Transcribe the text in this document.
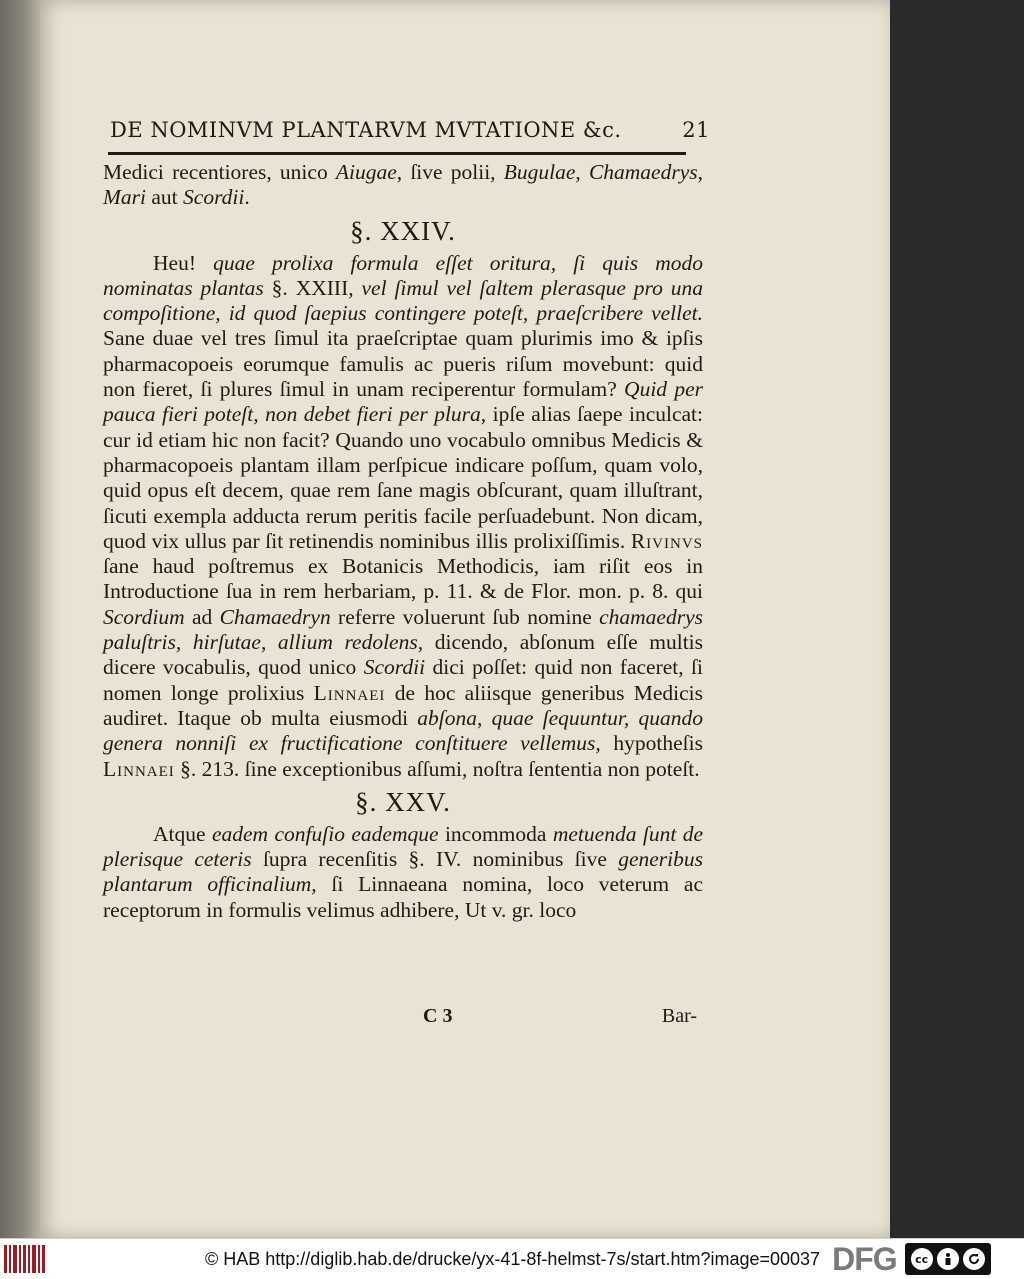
DE NOMINVM PLANTARVM MVTATIONE &c.	21

Medici recentiores, unico Aiugae, ſive polii, Bugulae, Chamaedrys, Mari aut Scordii.

§. XXIV.

Heu! quae prolixa formula eſſet oritura, ſi quis modo nominatas plantas §. XXIII, vel ſimul vel ſaltem plerasque pro una compoſitione, id quod ſaepius contingere poteſt, praeſcribere vellet. Sane duae vel tres ſimul ita praeſcriptae quam plurimis imo & ipſis pharmacopoeis eorumque famulis ac pueris riſum movebunt: quid non fieret, ſi plures ſimul in unam reciperentur formulam? Quid per pauca fieri poteſt, non debet fieri per plura, ipſe alias ſaepe inculcat: cur id etiam hic non facit? Quando uno vocabulo omnibus Medicis & pharmacopoeis plantam illam perſpicue indicare poſſum, quam volo, quid opus eſt decem, quae rem ſane magis obſcurant, quam illuſtrant, ſicuti exempla adducta rerum peritis facile perſuadebunt. Non dicam, quod vix ullus par ſit retinendis nominibus illis prolixiſſimis. Rivinvs ſane haud poſtremus ex Botanicis Methodicis, iam riſit eos in Introductione ſua in rem herbariam, p. 11. & de Flor. mon. p. 8. qui Scordium ad Chamaedryn referre voluerunt ſub nomine chamaedrys paluſtris, hirſutae, allium redolens, dicendo, abſonum eſſe multis dicere vocabulis, quod unico Scordii dici poſſet: quid non faceret, ſi nomen longe prolixius Linnaei de hoc aliisque generibus Medicis audiret. Itaque ob multa eiusmodi abſona, quae ſequuntur, quando genera nonniſi ex fructificatione conſtituere vellemus, hypotheſis Linnaei §. 213. ſine exceptionibus aſſumi, noſtra ſententia non poteſt.

§. XXV.

Atque eadem confuſio eademque incommoda metuenda ſunt de plerisque ceteris ſupra recenſitis §. IV. nominibus ſive generibus plantarum officinalium, ſi Linnaeana nomina, loco veterum ac receptorum in formulis velimus adhibere, Ut v. gr. loco

C 3	Bar-
© HAB http://diglib.hab.de/drucke/yx-41-8f-helmst-7s/start.htm?image=00037 DFG	cc
